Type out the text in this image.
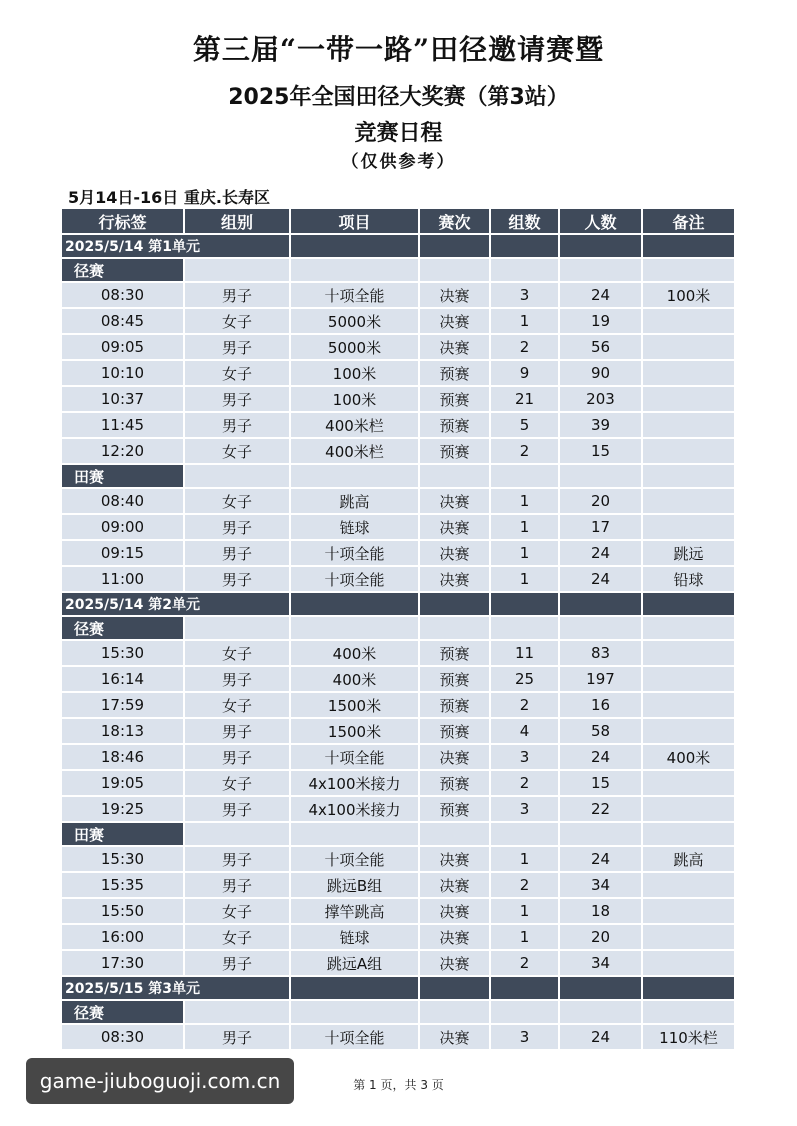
第三届“一带一路”田径邀请赛暨
2025年全国田径大奖赛（第3站）
竞赛日程
（仅供参考）
5月14日-16日 重庆.长寿区
行标签	组别	项目	赛次	组数	人数	备注
2025/5/14 第1单元
径赛
08:30	男子	十项全能	决赛	3	24	100米
08:45	女子	5000米	决赛	1	19
09:05	男子	5000米	决赛	2	56
10:10	女子	100米	预赛	9	90
10:37	男子	100米	预赛	21	203
11:45	男子	400米栏	预赛	5	39
12:20	女子	400米栏	预赛	2	15
田赛
08:40	女子	跳高	决赛	1	20
09:00	男子	链球	决赛	1	17
09:15	男子	十项全能	决赛	1	24	跳远
11:00	男子	十项全能	决赛	1	24	铅球
2025/5/14 第2单元
径赛
15:30	女子	400米	预赛	11	83
16:14	男子	400米	预赛	25	197
17:59	女子	1500米	预赛	2	16
18:13	男子	1500米	预赛	4	58
18:46	男子	十项全能	决赛	3	24	400米
19:05	女子	4x100米接力	预赛	2	15
19:25	男子	4x100米接力	预赛	3	22
田赛
15:30	男子	十项全能	决赛	1	24	跳高
15:35	男子	跳远B组	决赛	2	34
15:50	女子	撑竿跳高	决赛	1	18
16:00	女子	链球	决赛	1	20
17:30	男子	跳远A组	决赛	2	34
2025/5/15 第3单元
径赛
08:30	男子	十项全能	决赛	3	24	110米栏
第 1 页，共 3 页
game-jiuboguoji.com.cn
